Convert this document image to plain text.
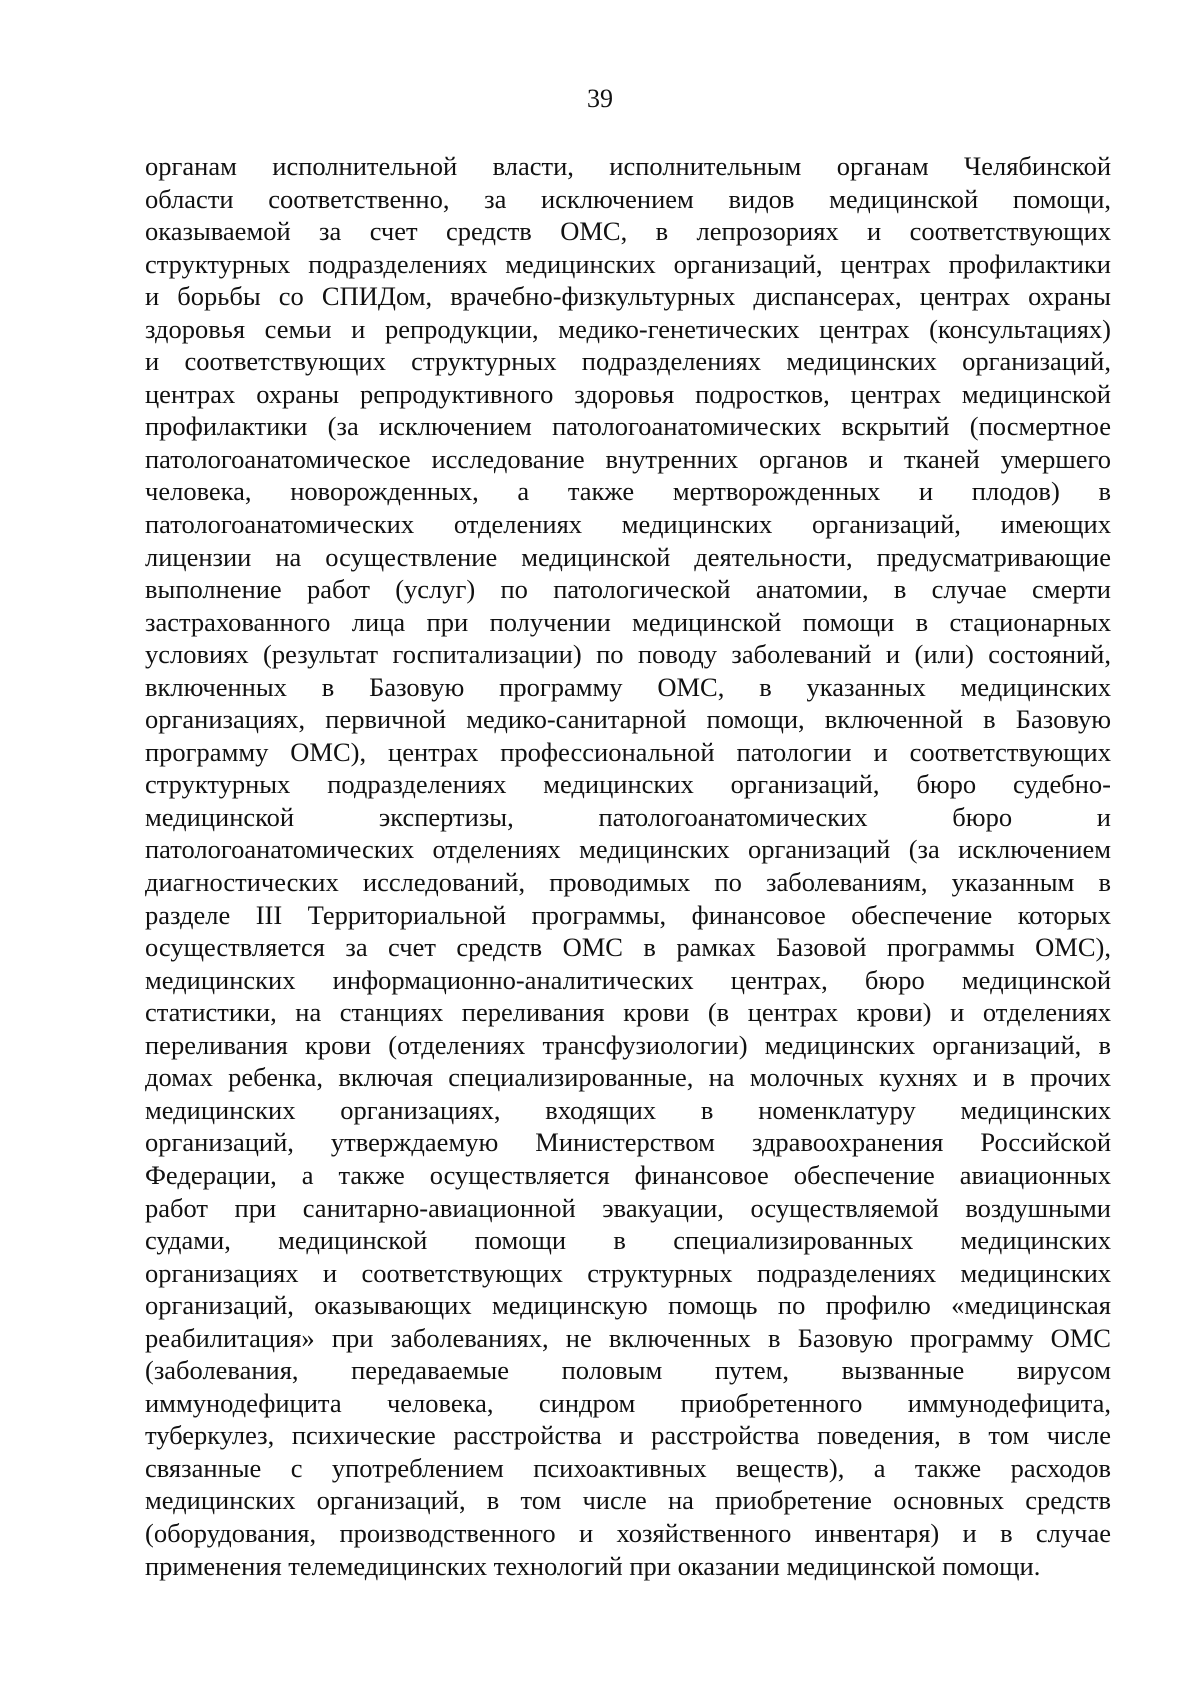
39
органам исполнительной власти, исполнительным органам Челябинской
области соответственно, за исключением видов медицинской помощи,
оказываемой за счет средств ОМС, в лепрозориях и соответствующих
структурных подразделениях медицинских организаций, центрах профилактики
и борьбы со СПИДом, врачебно-физкультурных диспансерах, центрах охраны
здоровья семьи и репродукции, медико-генетических центрах (консультациях)
и соответствующих структурных подразделениях медицинских организаций,
центрах охраны репродуктивного здоровья подростков, центрах медицинской
профилактики (за исключением патологоанатомических вскрытий (посмертное
патологоанатомическое исследование внутренних органов и тканей умершего
человека, новорожденных, а также мертворожденных и плодов) в
патологоанатомических отделениях медицинских организаций, имеющих
лицензии на осуществление медицинской деятельности, предусматривающие
выполнение работ (услуг) по патологической анатомии, в случае смерти
застрахованного лица при получении медицинской помощи в стационарных
условиях (результат госпитализации) по поводу заболеваний и (или) состояний,
включенных в Базовую программу ОМС, в указанных медицинских
организациях, первичной медико-санитарной помощи, включенной в Базовую
программу ОМС), центрах профессиональной патологии и соответствующих
структурных подразделениях медицинских организаций, бюро судебно-
медицинской экспертизы, патологоанатомических бюро и
патологоанатомических отделениях медицинских организаций (за исключением
диагностических исследований, проводимых по заболеваниям, указанным в
разделе III Территориальной программы, финансовое обеспечение которых
осуществляется за счет средств ОМС в рамках Базовой программы ОМС),
медицинских информационно-аналитических центрах, бюро медицинской
статистики, на станциях переливания крови (в центрах крови) и отделениях
переливания крови (отделениях трансфузиологии) медицинских организаций, в
домах ребенка, включая специализированные, на молочных кухнях и в прочих
медицинских организациях, входящих в номенклатуру медицинских
организаций, утверждаемую Министерством здравоохранения Российской
Федерации, а также осуществляется финансовое обеспечение авиационных
работ при санитарно-авиационной эвакуации, осуществляемой воздушными
судами, медицинской помощи в специализированных медицинских
организациях и соответствующих структурных подразделениях медицинских
организаций, оказывающих медицинскую помощь по профилю «медицинская
реабилитация» при заболеваниях, не включенных в Базовую программу ОМС
(заболевания, передаваемые половым путем, вызванные вирусом
иммунодефицита человека, синдром приобретенного иммунодефицита,
туберкулез, психические расстройства и расстройства поведения, в том числе
связанные с употреблением психоактивных веществ), а также расходов
медицинских организаций, в том числе на приобретение основных средств
(оборудования, производственного и хозяйственного инвентаря) и в случае
применения телемедицинских технологий при оказании медицинской помощи.
